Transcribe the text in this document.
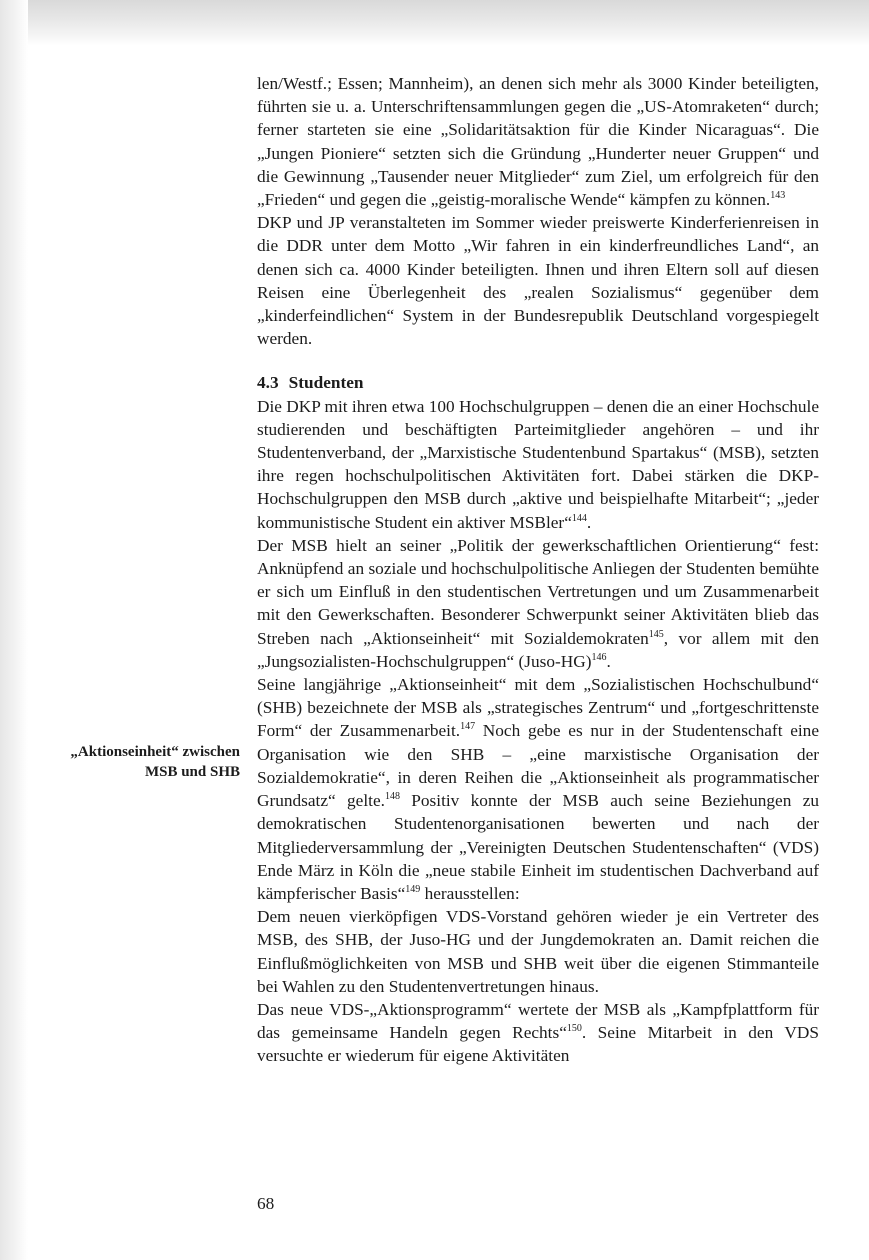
len/Westf.; Essen; Mannheim), an denen sich mehr als 3000 Kinder beteiligten, führten sie u. a. Unterschriftensammlungen gegen die „US-Atomraketen“ durch; ferner starteten sie eine „Solidaritätsaktion für die Kinder Nicaraguas“. Die „Jungen Pioniere“ setzten sich die Gründung „Hunderter neuer Gruppen“ und die Gewinnung „Tausender neuer Mitglieder“ zum Ziel, um erfolgreich für den „Frieden“ und gegen die „geistig-moralische Wende“ kämpfen zu können.$^{143}$

DKP und JP veranstalteten im Sommer wieder preiswerte Kinderferienreisen in die DDR unter dem Motto „Wir fahren in ein kinderfreundliches Land“, an denen sich ca. 4000 Kinder beteiligten. Ihnen und ihren Eltern soll auf diesen Reisen eine Überlegenheit des „realen Sozialismus“ gegenüber dem „kinderfeindlichen“ System in der Bundesrepublik Deutschland vorgespiegelt werden.

4.3 Studenten

Die DKP mit ihren etwa 100 Hochschulgruppen – denen die an einer Hochschule studierenden und beschäftigten Parteimitglieder angehören – und ihr Studentenverband, der „Marxistische Studentenbund Spartakus“ (MSB), setzten ihre regen hochschulpolitischen Aktivitäten fort. Dabei stärken die DKP-Hochschulgruppen den MSB durch „aktive und beispielhafte Mitarbeit“; „jeder kommunistische Student ein aktiver MSBler“$^{144}$.

Der MSB hielt an seiner „Politik der gewerkschaftlichen Orientierung“ fest: Anknüpfend an soziale und hochschulpolitische Anliegen der Studenten bemühte er sich um Einfluß in den studentischen Vertretungen und um Zusammenarbeit mit den Gewerkschaften. Besonderer Schwerpunkt seiner Aktivitäten blieb das Streben nach „Aktionseinheit“ mit Sozialdemokraten$^{145}$, vor allem mit den „Jungsozialisten-Hochschulgruppen“ (Juso-HG)$^{146}$.

Seine langjährige „Aktionseinheit“ mit dem „Sozialistischen Hochschulbund“ (SHB) bezeichnete der MSB als „strategisches Zentrum“ und „fortgeschrittenste Form“ der Zusammenarbeit.$^{147}$ Noch gebe es nur in der Studentenschaft eine Organisation wie den SHB – „eine marxistische Organisation der Sozialdemokratie“, in deren Reihen die „Aktionseinheit als programmatischer Grundsatz“ gelte.$^{148}$ Positiv konnte der MSB auch seine Beziehungen zu demokratischen Studentenorganisationen bewerten und nach der Mitgliederversammlung der „Vereinigten Deutschen Studentenschaften“ (VDS) Ende März in Köln die „neue stabile Einheit im studentischen Dachverband auf kämpferischer Basis“$^{149}$ herausstellen:

Dem neuen vierköpfigen VDS-Vorstand gehören wieder je ein Vertreter des MSB, des SHB, der Juso-HG und der Jungdemokraten an. Damit reichen die Einflußmöglichkeiten von MSB und SHB weit über die eigenen Stimmanteile bei Wahlen zu den Studentenvertretungen hinaus.

Das neue VDS-„Aktionsprogramm“ wertete der MSB als „Kampfplattform für das gemeinsame Handeln gegen Rechts“$^{150}$. Seine Mitarbeit in den VDS versuchte er wiederum für eigene Aktivitäten

„Aktionseinheit“ zwischen MSB und SHB
68
